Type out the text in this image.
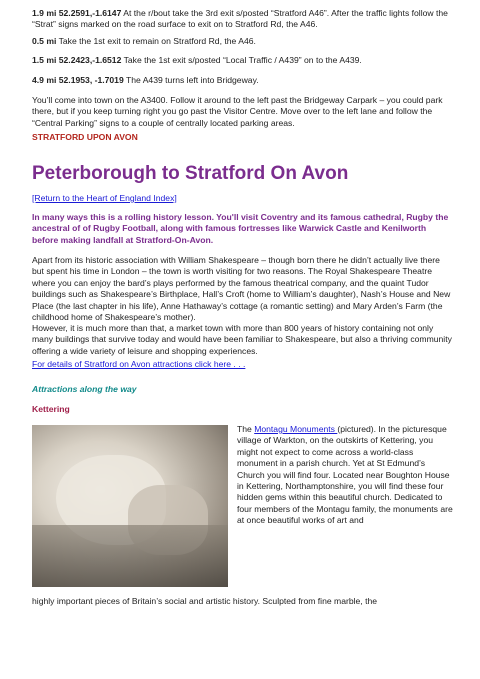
1.9 mi 52.2591,-1.6147 At the r/bout take the 3rd exit s/posted “Stratford A46”. After the traffic lights follow the “Strat” signs marked on the road surface to exit on to Stratford Rd, the A46.

0.5 mi Take the 1st exit to remain on Stratford Rd, the A46.

1.5 mi 52.2423,-1.6512 Take the 1st exit s/posted “Local Traffic / A439” on to the A439.

4.9 mi 52.1953, -1.7019 The A439 turns left into Bridgeway.

You’ll come into town on the A3400. Follow it around to the left past the Bridgeway Carpark – you could park there, but if you keep turning right you go past the Visitor Centre. Move over to the left lane and follow the “Central Parking” signs to a couple of centrally located parking areas.

STRATFORD UPON AVON

Peterborough to Stratford On Avon

[Return to the Heart of England Index]

In many ways this is a rolling history lesson. You'll visit Coventry and its famous cathedral, Rugby the ancestral of of Rugby Football, along with famous fortresses like Warwick Castle and Kenilworth before making landfall at Stratford-On-Avon.

Apart from its historic association with William Shakespeare – though born there he didn’t actually live there but spent his time in London – the town is worth visiting for two reasons. The Royal Shakespeare Theatre where you can enjoy the bard’s plays performed by the famous theatrical company, and the quaint Tudor buildings such as Shakespeare’s Birthplace, Hall’s Croft (home to William’s daughter), Nash’s House and New Place (the last chapter in his life), Anne Hathaway’s cottage (a romantic setting) and Mary Arden’s Farm (the childhood home of Shakespeare’s mother).

However, it is much more than that, a market town with more than 800 years of history containing not only many buildings that survive today and would have been familiar to Shakespeare, but also a thriving community offering a wide variety of leisure and shopping experiences.

For details of Stratford on Avon attractions click here . . .

Attractions along the way

Kettering

The Montagu Monuments (pictured). In the picturesque village of Warkton, on the outskirts of Kettering, you might not expect to come across a world-class monument in a parish church. Yet at St Edmund’s Church you will find four. Located near Boughton House in Kettering, Northamptonshire, you will find these four hidden gems within this beautiful church. Dedicated to four members of the Montagu family, the monuments are at once beautiful works of art and

highly important pieces of Britain’s social and artistic history. Sculpted from fine marble, the
